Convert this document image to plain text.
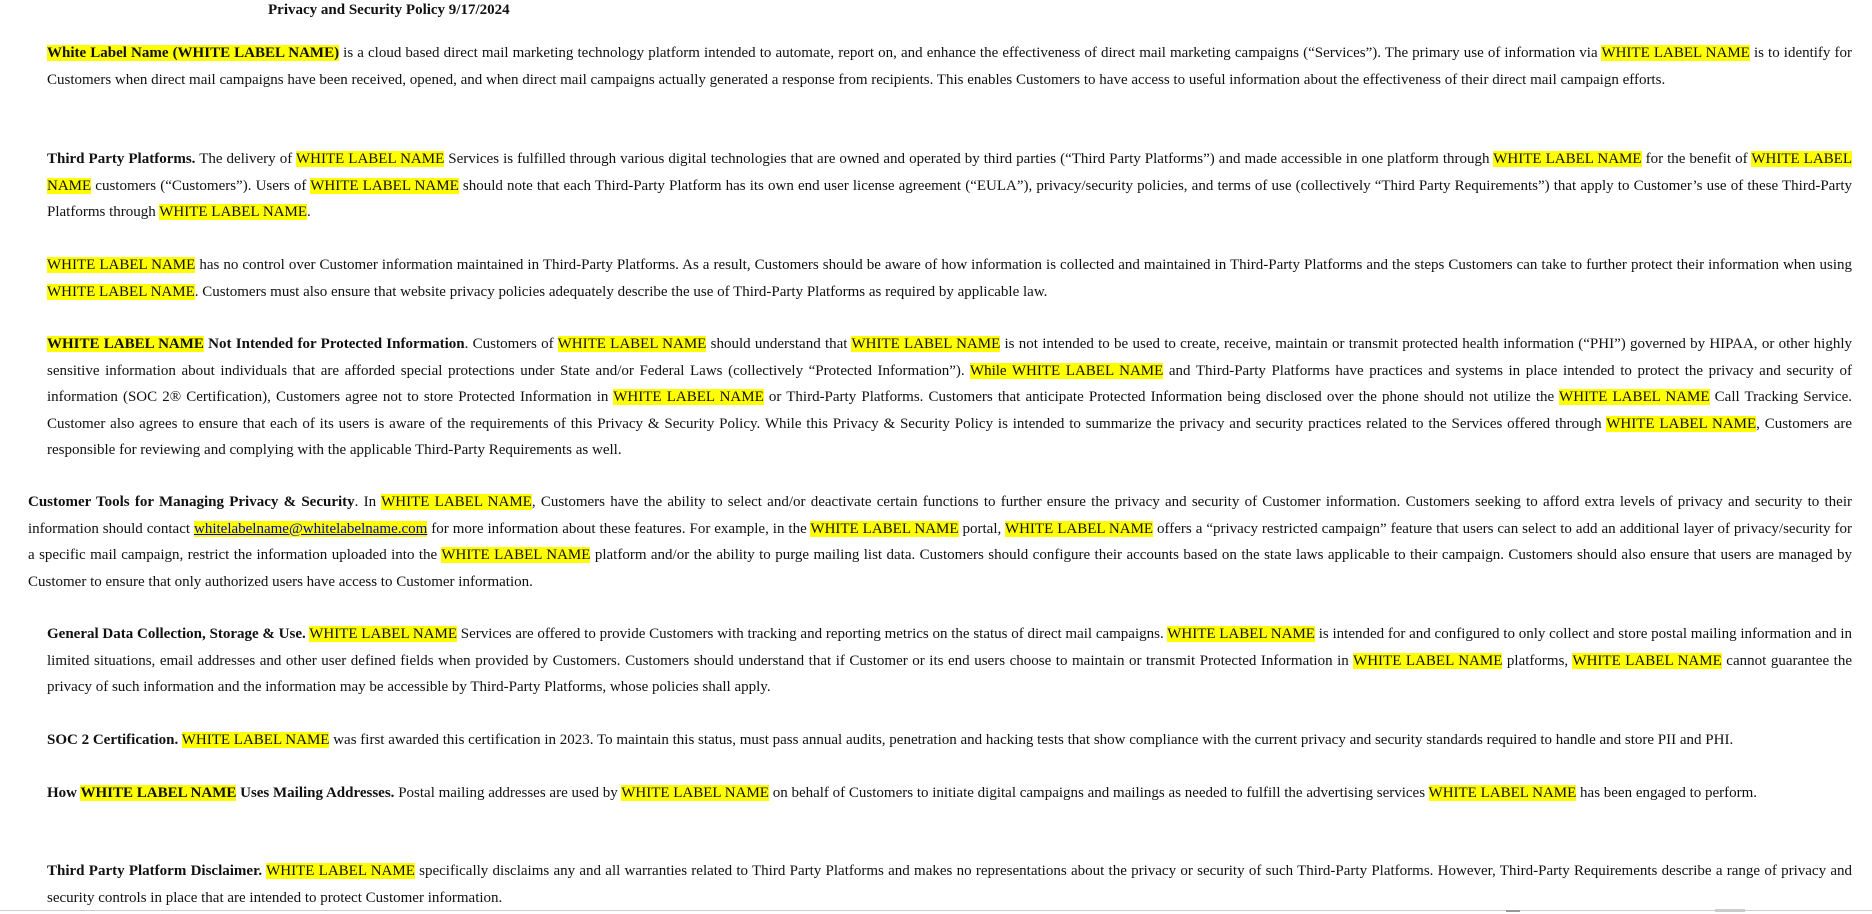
Privacy and Security Policy 9/17/2024

White Label Name (WHITE LABEL NAME) is a cloud based direct mail marketing technology platform intended to automate, report on, and enhance the effectiveness of direct mail marketing campaigns (“Services”). The primary use of information via WHITE LABEL NAME is to identify for Customers when direct mail campaigns have been received, opened, and when direct mail campaigns actually generated a response from recipients. This enables Customers to have access to useful information about the effectiveness of their direct mail campaign efforts.

Third Party Platforms. The delivery of WHITE LABEL NAME Services is fulfilled through various digital technologies that are owned and operated by third parties (“Third Party Platforms”) and made accessible in one platform through WHITE LABEL NAME for the benefit of WHITE LABEL NAME customers (“Customers”). Users of WHITE LABEL NAME should note that each Third-Party Platform has its own end user license agreement (“EULA”), privacy/security policies, and terms of use (collectively “Third Party Requirements”) that apply to Customer’s use of these Third-Party Platforms through WHITE LABEL NAME.

WHITE LABEL NAME has no control over Customer information maintained in Third-Party Platforms. As a result, Customers should be aware of how information is collected and maintained in Third-Party Platforms and the steps Customers can take to further protect their information when using WHITE LABEL NAME. Customers must also ensure that website privacy policies adequately describe the use of Third-Party Platforms as required by applicable law.

WHITE LABEL NAME Not Intended for Protected Information. Customers of WHITE LABEL NAME should understand that WHITE LABEL NAME is not intended to be used to create, receive, maintain or transmit protected health information (“PHI”) governed by HIPAA, or other highly sensitive information about individuals that are afforded special protections under State and/or Federal Laws (collectively “Protected Information”). While WHITE LABEL NAME and Third-Party Platforms have practices and systems in place intended to protect the privacy and security of information (SOC 2® Certification), Customers agree not to store Protected Information in WHITE LABEL NAME or Third-Party Platforms. Customers that anticipate Protected Information being disclosed over the phone should not utilize the WHITE LABEL NAME Call Tracking Service. Customer also agrees to ensure that each of its users is aware of the requirements of this Privacy & Security Policy. While this Privacy & Security Policy is intended to summarize the privacy and security practices related to the Services offered through WHITE LABEL NAME, Customers are responsible for reviewing and complying with the applicable Third-Party Requirements as well.

Customer Tools for Managing Privacy & Security. In WHITE LABEL NAME, Customers have the ability to select and/or deactivate certain functions to further ensure the privacy and security of Customer information. Customers seeking to afford extra levels of privacy and security to their information should contact whitelabelname@whitelabelname.com for more information about these features. For example, in the WHITE LABEL NAME portal, WHITE LABEL NAME offers a “privacy restricted campaign” feature that users can select to add an additional layer of privacy/security for a specific mail campaign, restrict the information uploaded into the WHITE LABEL NAME platform and/or the ability to purge mailing list data. Customers should configure their accounts based on the state laws applicable to their campaign. Customers should also ensure that users are managed by Customer to ensure that only authorized users have access to Customer information.

General Data Collection, Storage & Use. WHITE LABEL NAME Services are offered to provide Customers with tracking and reporting metrics on the status of direct mail campaigns. WHITE LABEL NAME is intended for and configured to only collect and store postal mailing information and in limited situations, email addresses and other user defined fields when provided by Customers. Customers should understand that if Customer or its end users choose to maintain or transmit Protected Information in WHITE LABEL NAME platforms, WHITE LABEL NAME cannot guarantee the privacy of such information and the information may be accessible by Third-Party Platforms, whose policies shall apply.

SOC 2 Certification. WHITE LABEL NAME was first awarded this certification in 2023. To maintain this status, must pass annual audits, penetration and hacking tests that show compliance with the current privacy and security standards required to handle and store PII and PHI.

How WHITE LABEL NAME Uses Mailing Addresses. Postal mailing addresses are used by WHITE LABEL NAME on behalf of Customers to initiate digital campaigns and mailings as needed to fulfill the advertising services WHITE LABEL NAME has been engaged to perform.

Third Party Platform Disclaimer. WHITE LABEL NAME specifically disclaims any and all warranties related to Third Party Platforms and makes no representations about the privacy or security of such Third-Party Platforms. However, Third-Party Requirements describe a range of privacy and security controls in place that are intended to protect Customer information.
